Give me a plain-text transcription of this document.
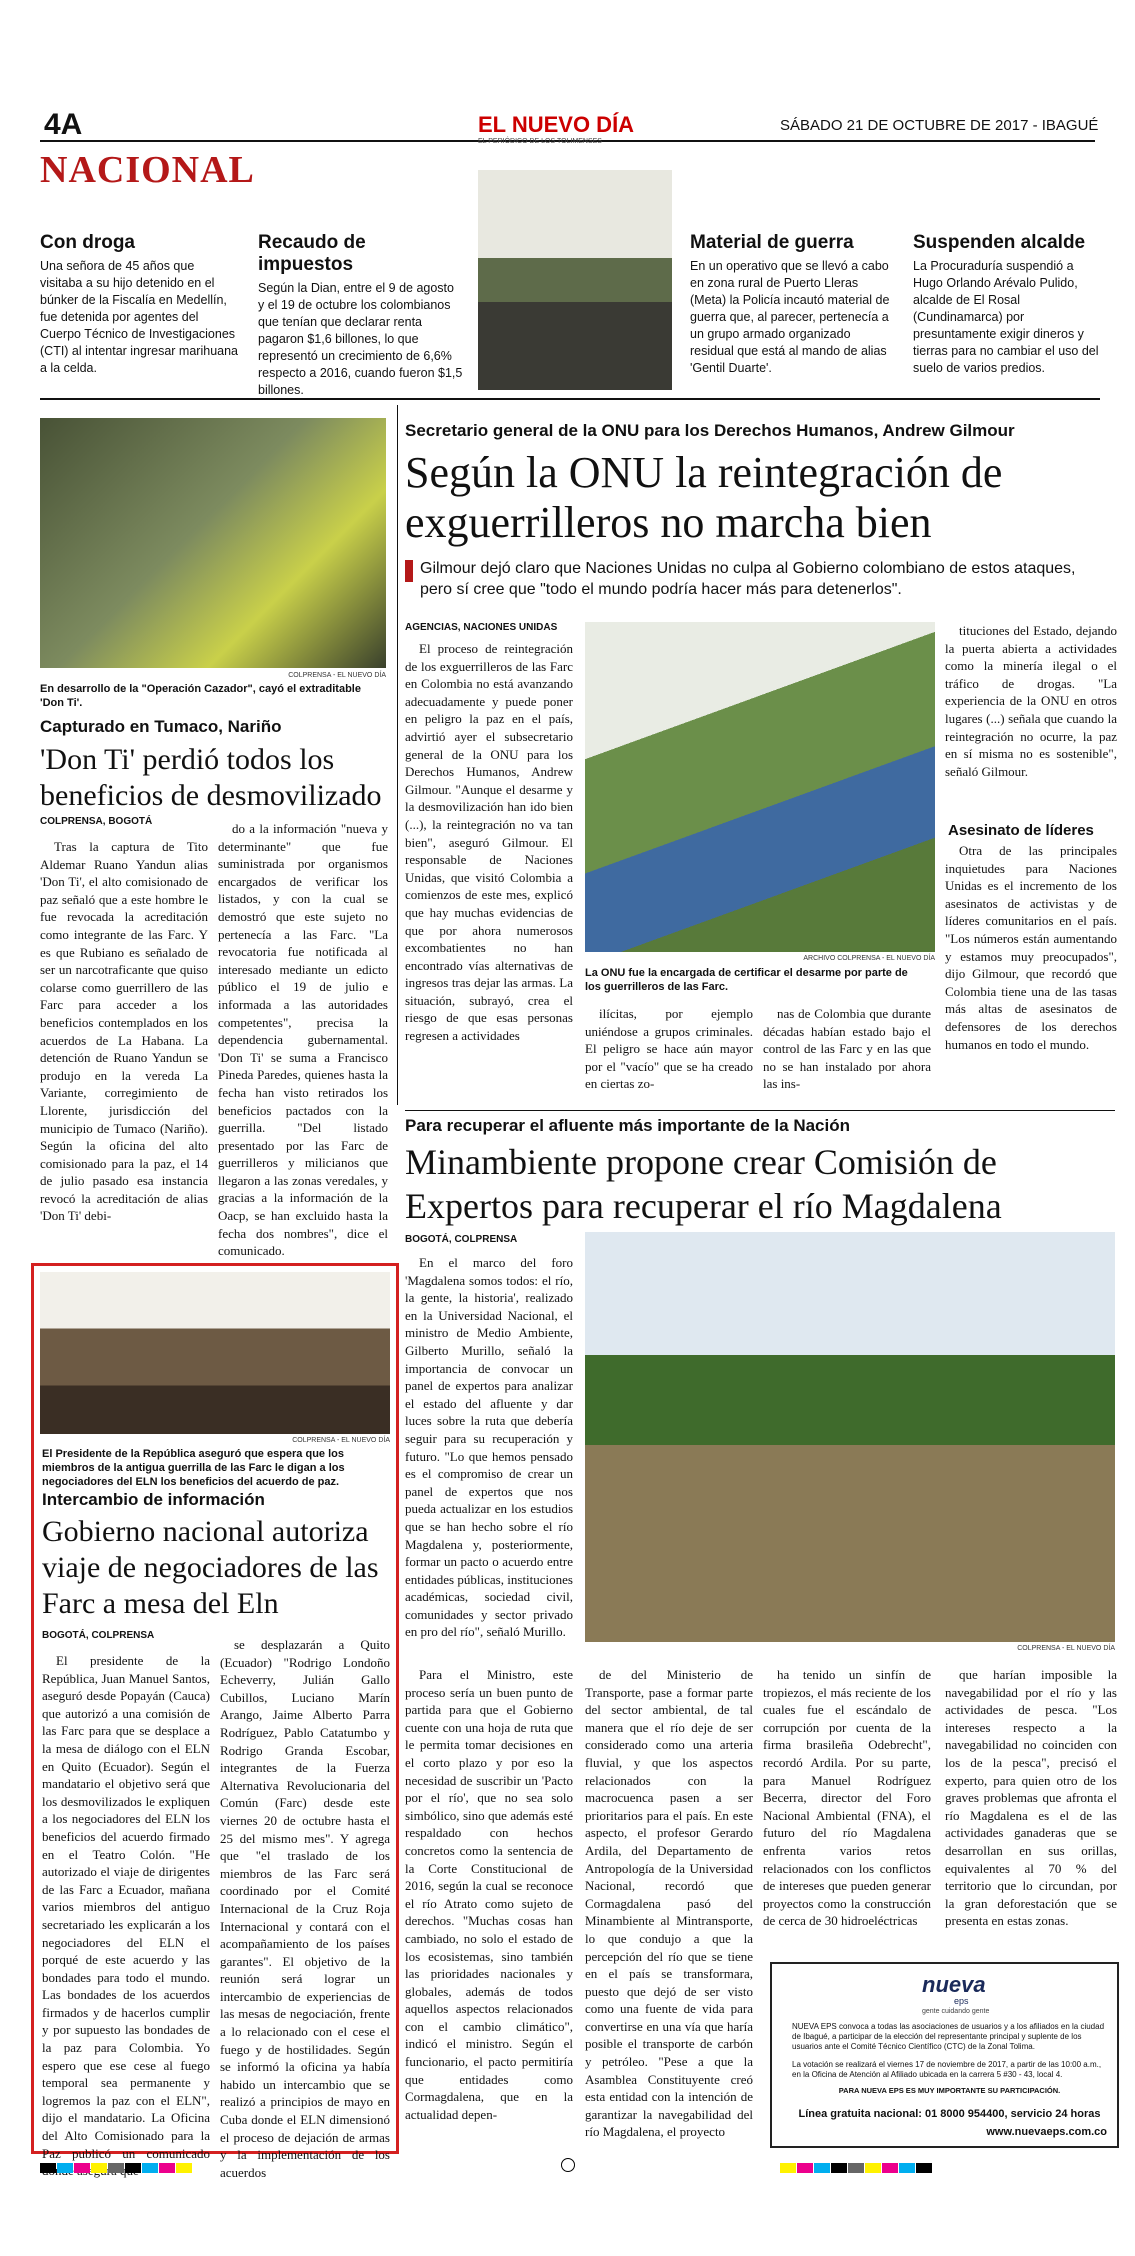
4A	EL NUEVO DÍA
EL PERIÓDICO DE LOS TOLIMENSES
SÁBADO 21 DE OCTUBRE DE 2017 - IBAGUÉ
NACIONAL
Con droga

Una señora de 45 años que visitaba a su hijo detenido en el búnker de la Fiscalía en Medellín, fue detenida por agentes del Cuerpo Técnico de Investigaciones (CTI) al intentar ingresar marihuana a la celda.

Recaudo de impuestos

Según la Dian, entre el 9 de agosto y el 19 de octubre los colombianos que tenían que declarar renta pagaron $1,6 billones, lo que representó un crecimiento de 6,6% respecto a 2016, cuando fueron $1,5 billones.

Material de guerra

En un operativo que se llevó a cabo en zona rural de Puerto Lleras (Meta) la Policía incautó material de guerra que, al parecer, pertenecía a un grupo armado organizado residual que está al mando de alias 'Gentil Duarte'.

Suspenden alcalde

La Procuraduría suspendió a Hugo Orlando Arévalo Pulido, alcalde de El Rosal (Cundinamarca) por presuntamente exigir dineros y tierras para no cambiar el uso del suelo de varios predios.

COLPRENSA - EL NUEVO DÍA
En desarrollo de la "Operación Cazador", cayó el extraditable 'Don Ti'.
Capturado en Tumaco, Nariño
'Don Ti' perdió todos los beneficios de desmovilizado
COLPRENSA, BOGOTÁ
Tras la captura de Tito Aldemar Ruano Yandun alias 'Don Ti', el alto comisionado de paz señaló que a este hombre le fue revocada la acreditación como integrante de las Farc. Y es que Rubiano es señalado de ser un narcotraficante que quiso colarse como guerrillero de las Farc para acceder a los beneficios contemplados en los acuerdos de La Habana. La detención de Ruano Yandun se produjo en la vereda La Variante, corregimiento de Llorente, jurisdicción del municipio de Tumaco (Nariño). Según la oficina del alto comisionado para la paz, el 14 de julio pasado esa instancia revocó la acreditación de alias 'Don Ti' debi-
do a la información "nueva y determinante" que fue suministrada por organismos encargados de verificar los listados, y con la cual se demostró que este sujeto no pertenecía a las Farc. "La revocatoria fue notificada al interesado mediante un edicto público el 19 de julio e informada a las autoridades competentes", precisa la dependencia gubernamental. 'Don Ti' se suma a Francisco Pineda Paredes, quienes hasta la fecha han visto retirados los beneficios pactados con la guerrilla. "Del listado presentado por las Farc de guerrilleros y milicianos que llegaron a las zonas veredales, y gracias a la información de la Oacp, se han excluido hasta la fecha dos nombres", dice el comunicado.
Secretario general de la ONU para los Derechos Humanos, Andrew Gilmour
Según la ONU la reintegración de exguerrilleros no marcha bien
Gilmour dejó claro que Naciones Unidas no culpa al Gobierno colombiano de estos ataques, pero sí cree que "todo el mundo podría hacer más para detenerlos".
AGENCIAS, NACIONES UNIDAS
El proceso de reintegración de los exguerrilleros de las Farc en Colombia no está avanzando adecuadamente y puede poner en peligro la paz en el país, advirtió ayer el subsecretario general de la ONU para los Derechos Humanos, Andrew Gilmour. "Aunque el desarme y la desmovilización han ido bien (...), la reintegración no va tan bien", aseguró Gilmour. El responsable de Naciones Unidas, que visitó Colombia a comienzos de este mes, explicó que hay muchas evidencias de que por ahora numerosos excombatientes no han encontrado vías alternativas de ingresos tras dejar las armas. La situación, subrayó, crea el riesgo de que esas personas regresen a actividades
ARCHIVO COLPRENSA - EL NUEVO DÍA
La ONU fue la encargada de certificar el desarme por parte de los guerrilleros de las Farc.
ilícitas, por ejemplo uniéndose a grupos criminales. El peligro se hace aún mayor por el "vacío" que se ha creado en ciertas zo-
nas de Colombia que durante décadas habían estado bajo el control de las Farc y en las que no se han instalado por ahora las ins-
tituciones del Estado, dejando la puerta abierta a actividades como la minería ilegal o el tráfico de drogas. "La experiencia de la ONU en otros lugares (...) señala que cuando la reintegración no ocurre, la paz en sí misma no es sostenible", señaló Gilmour.
Asesinato de líderes
Otra de las principales inquietudes para Naciones Unidas es el incremento de los asesinatos de activistas y de líderes comunitarios en el país. "Los números están aumentando y estamos muy preocupados", dijo Gilmour, que recordó que Colombia tiene una de las tasas más altas de asesinatos de defensores de los derechos humanos en todo el mundo.
COLPRENSA - EL NUEVO DÍA
El Presidente de la República aseguró que espera que los miembros de la antigua guerrilla de las Farc le digan a los negociadores del ELN los beneficios del acuerdo de paz.
Intercambio de información
Gobierno nacional autoriza viaje de negociadores de las Farc a mesa del Eln
BOGOTÁ, COLPRENSA
El presidente de la República, Juan Manuel Santos, aseguró desde Popayán (Cauca) que autorizó a una comisión de las Farc para que se desplace a la mesa de diálogo con el ELN en Quito (Ecuador). Según el mandatario el objetivo será que los desmovilizados le expliquen a los negociadores del ELN los beneficios del acuerdo firmado en el Teatro Colón. "He autorizado el viaje de dirigentes de las Farc a Ecuador, mañana varios miembros del antiguo secretariado les explicarán a los negociadores del ELN el porqué de este acuerdo y las bondades para todo el mundo. Las bondades de los acuerdos firmados y de hacerlos cumplir y por supuesto las bondades de la paz para Colombia. Yo espero que ese cese al fuego temporal sea permanente y logremos la paz con el ELN", dijo el mandatario. La Oficina del Alto Comisionado para la Paz publicó un comunicado
se desplazarán a Quito (Ecuador) "Rodrigo Londoño Echeverry, Julián Gallo Cubillos, Luciano Marín Arango, Jaime Alberto Parra Rodríguez, Pablo Catatumbo y Rodrigo Granda Escobar, integrantes de la Fuerza Alternativa Revolucionaria del Común (Farc) desde este viernes 20 de octubre hasta el 25 del mismo mes". Y agrega que "el traslado de los miembros de las Farc será coordinado por el Comité Internacional de la Cruz Roja Internacional y contará con el acompañamiento de los países garantes". El objetivo de la reunión será lograr un intercambio de experiencias de las mesas de negociación, frente a lo relacionado con el cese el fuego y de hostilidades. Según se informó la oficina ya había habido un intercambio que se realizó a principios de mayo en Cuba donde el ELN dimensionó el proceso de dejación de armas y la implementación de los acuerdos
Para recuperar el afluente más importante de la Nación
Minambiente propone crear Comisión de Expertos para recuperar el río Magdalena
BOGOTÁ, COLPRENSA
En el marco del foro 'Magdalena somos todos: el río, la gente, la historia', realizado en la Universidad Nacional, el ministro de Medio Ambiente, Gilberto Murillo, señaló la importancia de convocar un panel de expertos para analizar el estado del afluente y dar luces sobre la ruta que debería seguir para su recuperación y futuro. "Lo que hemos pensado es el compromiso de crear un panel de expertos que nos pueda actualizar en los estudios que se han hecho sobre el río Magdalena y, posteriormente, formar un pacto o acuerdo entre entidades públicas, instituciones académicas, sociedad civil, comunidades y sector privado en pro del río", señaló Murillo.
COLPRENSA - EL NUEVO DÍA
Para el Ministro, este proceso sería un buen punto de partida para que el Gobierno cuente con una hoja de ruta que le permita tomar decisiones en el corto plazo y por eso la necesidad de suscribir un 'Pacto por el río', que no sea solo simbólico, sino que además esté respaldado con hechos concretos como la sentencia de la Corte Constitucional de 2016, según la cual se reconoce el río Atrato como sujeto de derechos. "Muchas cosas han cambiado, no solo el estado de los ecosistemas, sino también las prioridades nacionales y globales, además de todos aquellos aspectos relacionados con el cambio climático", indicó el ministro. Según el funcionario, el pacto permitiría que entidades como Cormagdalena, que en la actualidad depen-
de del Ministerio de Transporte, pase a formar parte del sector ambiental, de tal manera que el río deje de ser considerado como una arteria fluvial, y que los aspectos relacionados con la macrocuenca pasen a ser prioritarios para el país. En este aspecto, el profesor Gerardo Ardila, del Departamento de Antropología de la Universidad Nacional, recordó que Cormagdalena pasó del Minambiente al Mintransporte, lo que condujo a que la percepción del río que se tiene en el país se transformara, puesto que dejó de ser visto como una fuente de vida para convertirse en una vía que haría posible el transporte de carbón y petróleo. "Pese a que la Asamblea Constituyente creó esta entidad con la intención de garantizar la navegabilidad del río Magdalena, el proyecto
ha tenido un sinfín de tropiezos, el más reciente de los cuales fue el escándalo de corrupción por cuenta de la firma brasileña Odebrecht", recordó Ardila. Por su parte, para Manuel Rodríguez Becerra, director del Foro Nacional Ambiental (FNA), el futuro del río Magdalena enfrenta varios retos relacionados con los conflictos de intereses que pueden generar proyectos como la construcción de cerca de 30 hidroeléctricas
que harían imposible la navegabilidad por el río y las actividades de pesca. "Los intereses respecto a la navegabilidad no coinciden con los de la pesca", precisó el experto, para quien otro de los graves problemas que afronta el río Magdalena es el de las actividades ganaderas que se desarrollan en sus orillas, equivalentes al 70 % del territorio que lo circundan, por la gran deforestación que se presenta en estas zonas.
nueva
eps
gente cuidando gente
NUEVA EPS convoca a todas las asociaciones de usuarios y a los afiliados en la ciudad de Ibagué, a participar de la elección del representante principal y suplente de los usuarios ante el Comité Técnico Científico (CTC) de la Zonal Tolima.
La votación se realizará el viernes 17 de noviembre de 2017, a partir de las 10:00 a.m., en la Oficina de Atención al Afiliado ubicada en la carrera 5 #30 - 43, local 4.
PARA NUEVA EPS ES MUY IMPORTANTE SU PARTICIPACIÓN.
Línea gratuita nacional: 01 8000 954400, servicio 24 horas
www.nuevaeps.com.co
